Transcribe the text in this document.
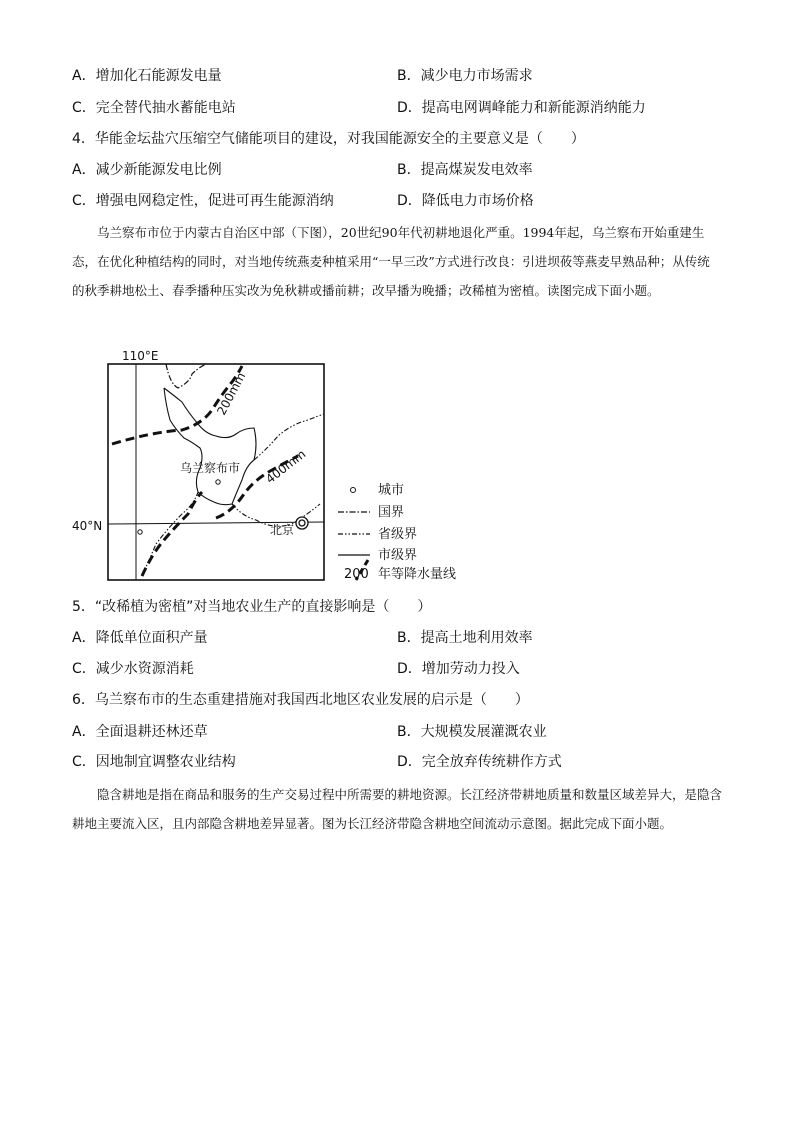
A．增加化石能源发电量	B．减少电力市场需求
C．完全替代抽水蓄能电站	D．提高电网调峰能力和新能源消纳能力
4．华能金坛盐穴压缩空气储能项目的建设，对我国能源安全的主要意义是（　　）
A．减少新能源发电比例	B．提高煤炭发电效率
C．增强电网稳定性，促进可再生能源消纳	D．降低电力市场价格
乌兰察布市位于内蒙古自治区中部（下图），20世纪90年代初耕地退化严重。1994年起，乌兰察布开始重建生态，在优化种植结构的同时，对当地传统燕麦种植采用“一早三改”方式进行改良：引进坝莜等燕麦早熟品种；从传统的秋季耕地松土、春季播种压实改为免秋耕或播前耕；改早播为晚播；改稀植为密植。读图完成下面小题。
110°E
40°N
200mm
400mm
乌兰察布市
北京
城市
国界
省级界
市级界
200 年等降水量线
5．“改稀植为密植”对当地农业生产的直接影响是（　　）
A．降低单位面积产量	B．提高土地利用效率
C．减少水资源消耗	D．增加劳动力投入
6．乌兰察布市的生态重建措施对我国西北地区农业发展的启示是（　　）
A．全面退耕还林还草	B．大规模发展灌溉农业
C．因地制宜调整农业结构	D．完全放弃传统耕作方式
隐含耕地是指在商品和服务的生产交易过程中所需要的耕地资源。长江经济带耕地质量和数量区域差异大，是隐含耕地主要流入区，且内部隐含耕地差异显著。图为长江经济带隐含耕地空间流动示意图。据此完成下面小题。
